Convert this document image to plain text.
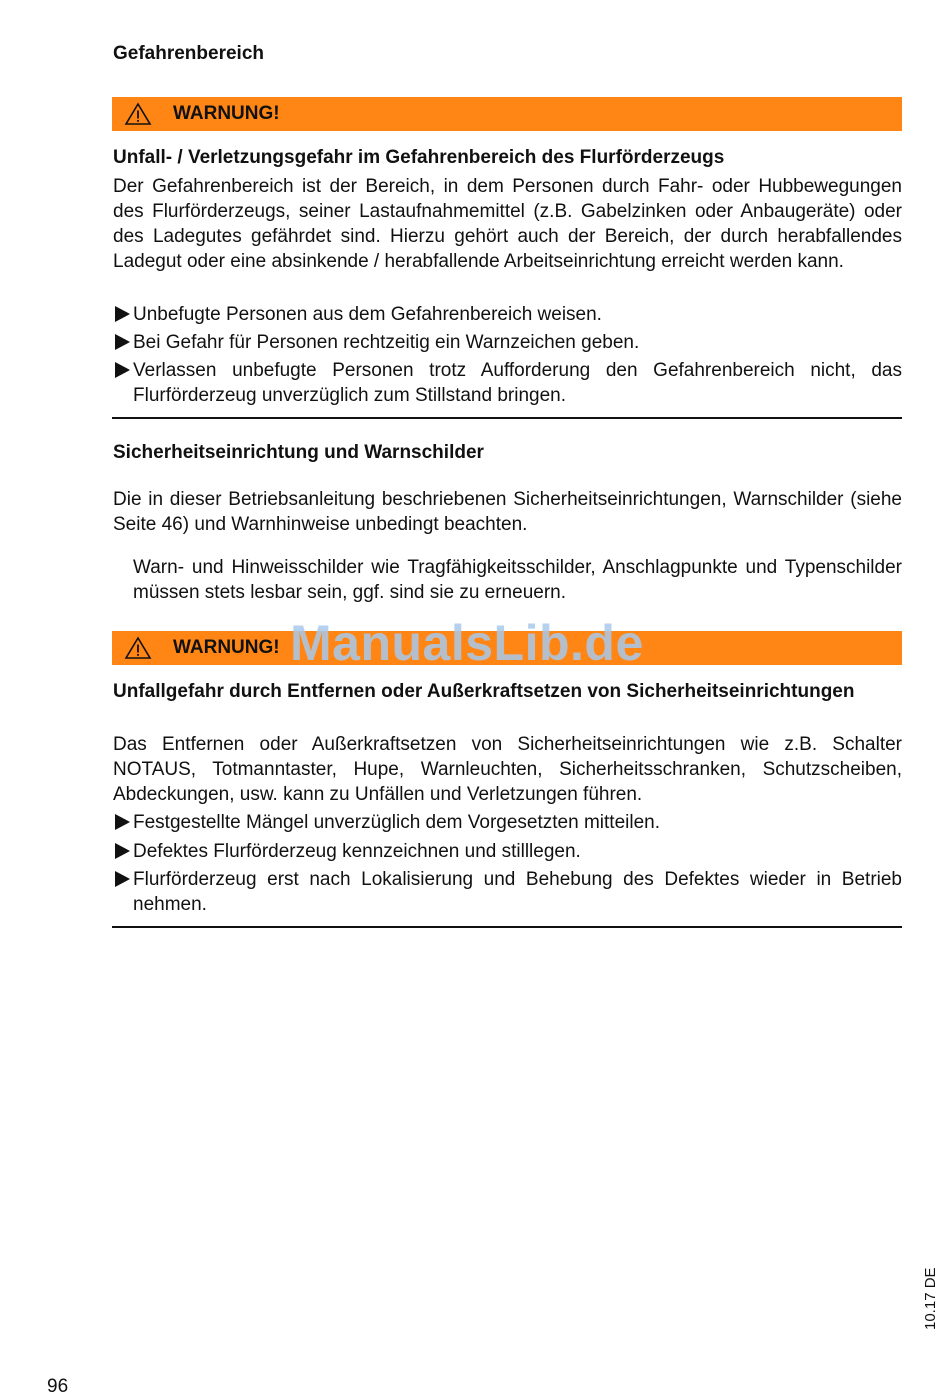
Gefahrenbereich
WARNUNG!
Unfall- / Verletzungsgefahr im Gefahrenbereich des Flurförderzeugs
Der Gefahrenbereich ist der Bereich, in dem Personen durch Fahr- oder Hubbewegungen des Flurförderzeugs, seiner Lastaufnahmemittel (z.B. Gabelzinken oder Anbaugeräte) oder des Ladegutes gefährdet sind. Hierzu gehört auch der Bereich, der durch herabfallendes Ladegut oder eine absinkende / herabfallende Arbeitseinrichtung erreicht werden kann.
Unbefugte Personen aus dem Gefahrenbereich weisen.
Bei Gefahr für Personen rechtzeitig ein Warnzeichen geben.
Verlassen unbefugte Personen trotz Aufforderung den Gefahrenbereich nicht, das Flurförderzeug unverzüglich zum Stillstand bringen.
Sicherheitseinrichtung und Warnschilder
Die in dieser Betriebsanleitung beschriebenen Sicherheitseinrichtungen, Warnschilder (siehe Seite 46) und Warnhinweise unbedingt beachten.
Warn- und Hinweisschilder wie Tragfähigkeitsschilder, Anschlagpunkte und Typenschilder müssen stets lesbar sein, ggf. sind sie zu erneuern.
WARNUNG! ManualsLib.de
Unfallgefahr durch Entfernen oder Außerkraftsetzen von Sicherheitseinrichtungen
Das Entfernen oder Außerkraftsetzen von Sicherheitseinrichtungen wie z.B. Schalter NOTAUS, Totmanntaster, Hupe, Warnleuchten, Sicherheitsschranken, Schutzscheiben, Abdeckungen, usw. kann zu Unfällen und Verletzungen führen.
Festgestellte Mängel unverzüglich dem Vorgesetzten mitteilen.
Defektes Flurförderzeug kennzeichnen und stilllegen.
Flurförderzeug erst nach Lokalisierung und Behebung des Defektes wieder in Betrieb nehmen.
10.17 DE
96
